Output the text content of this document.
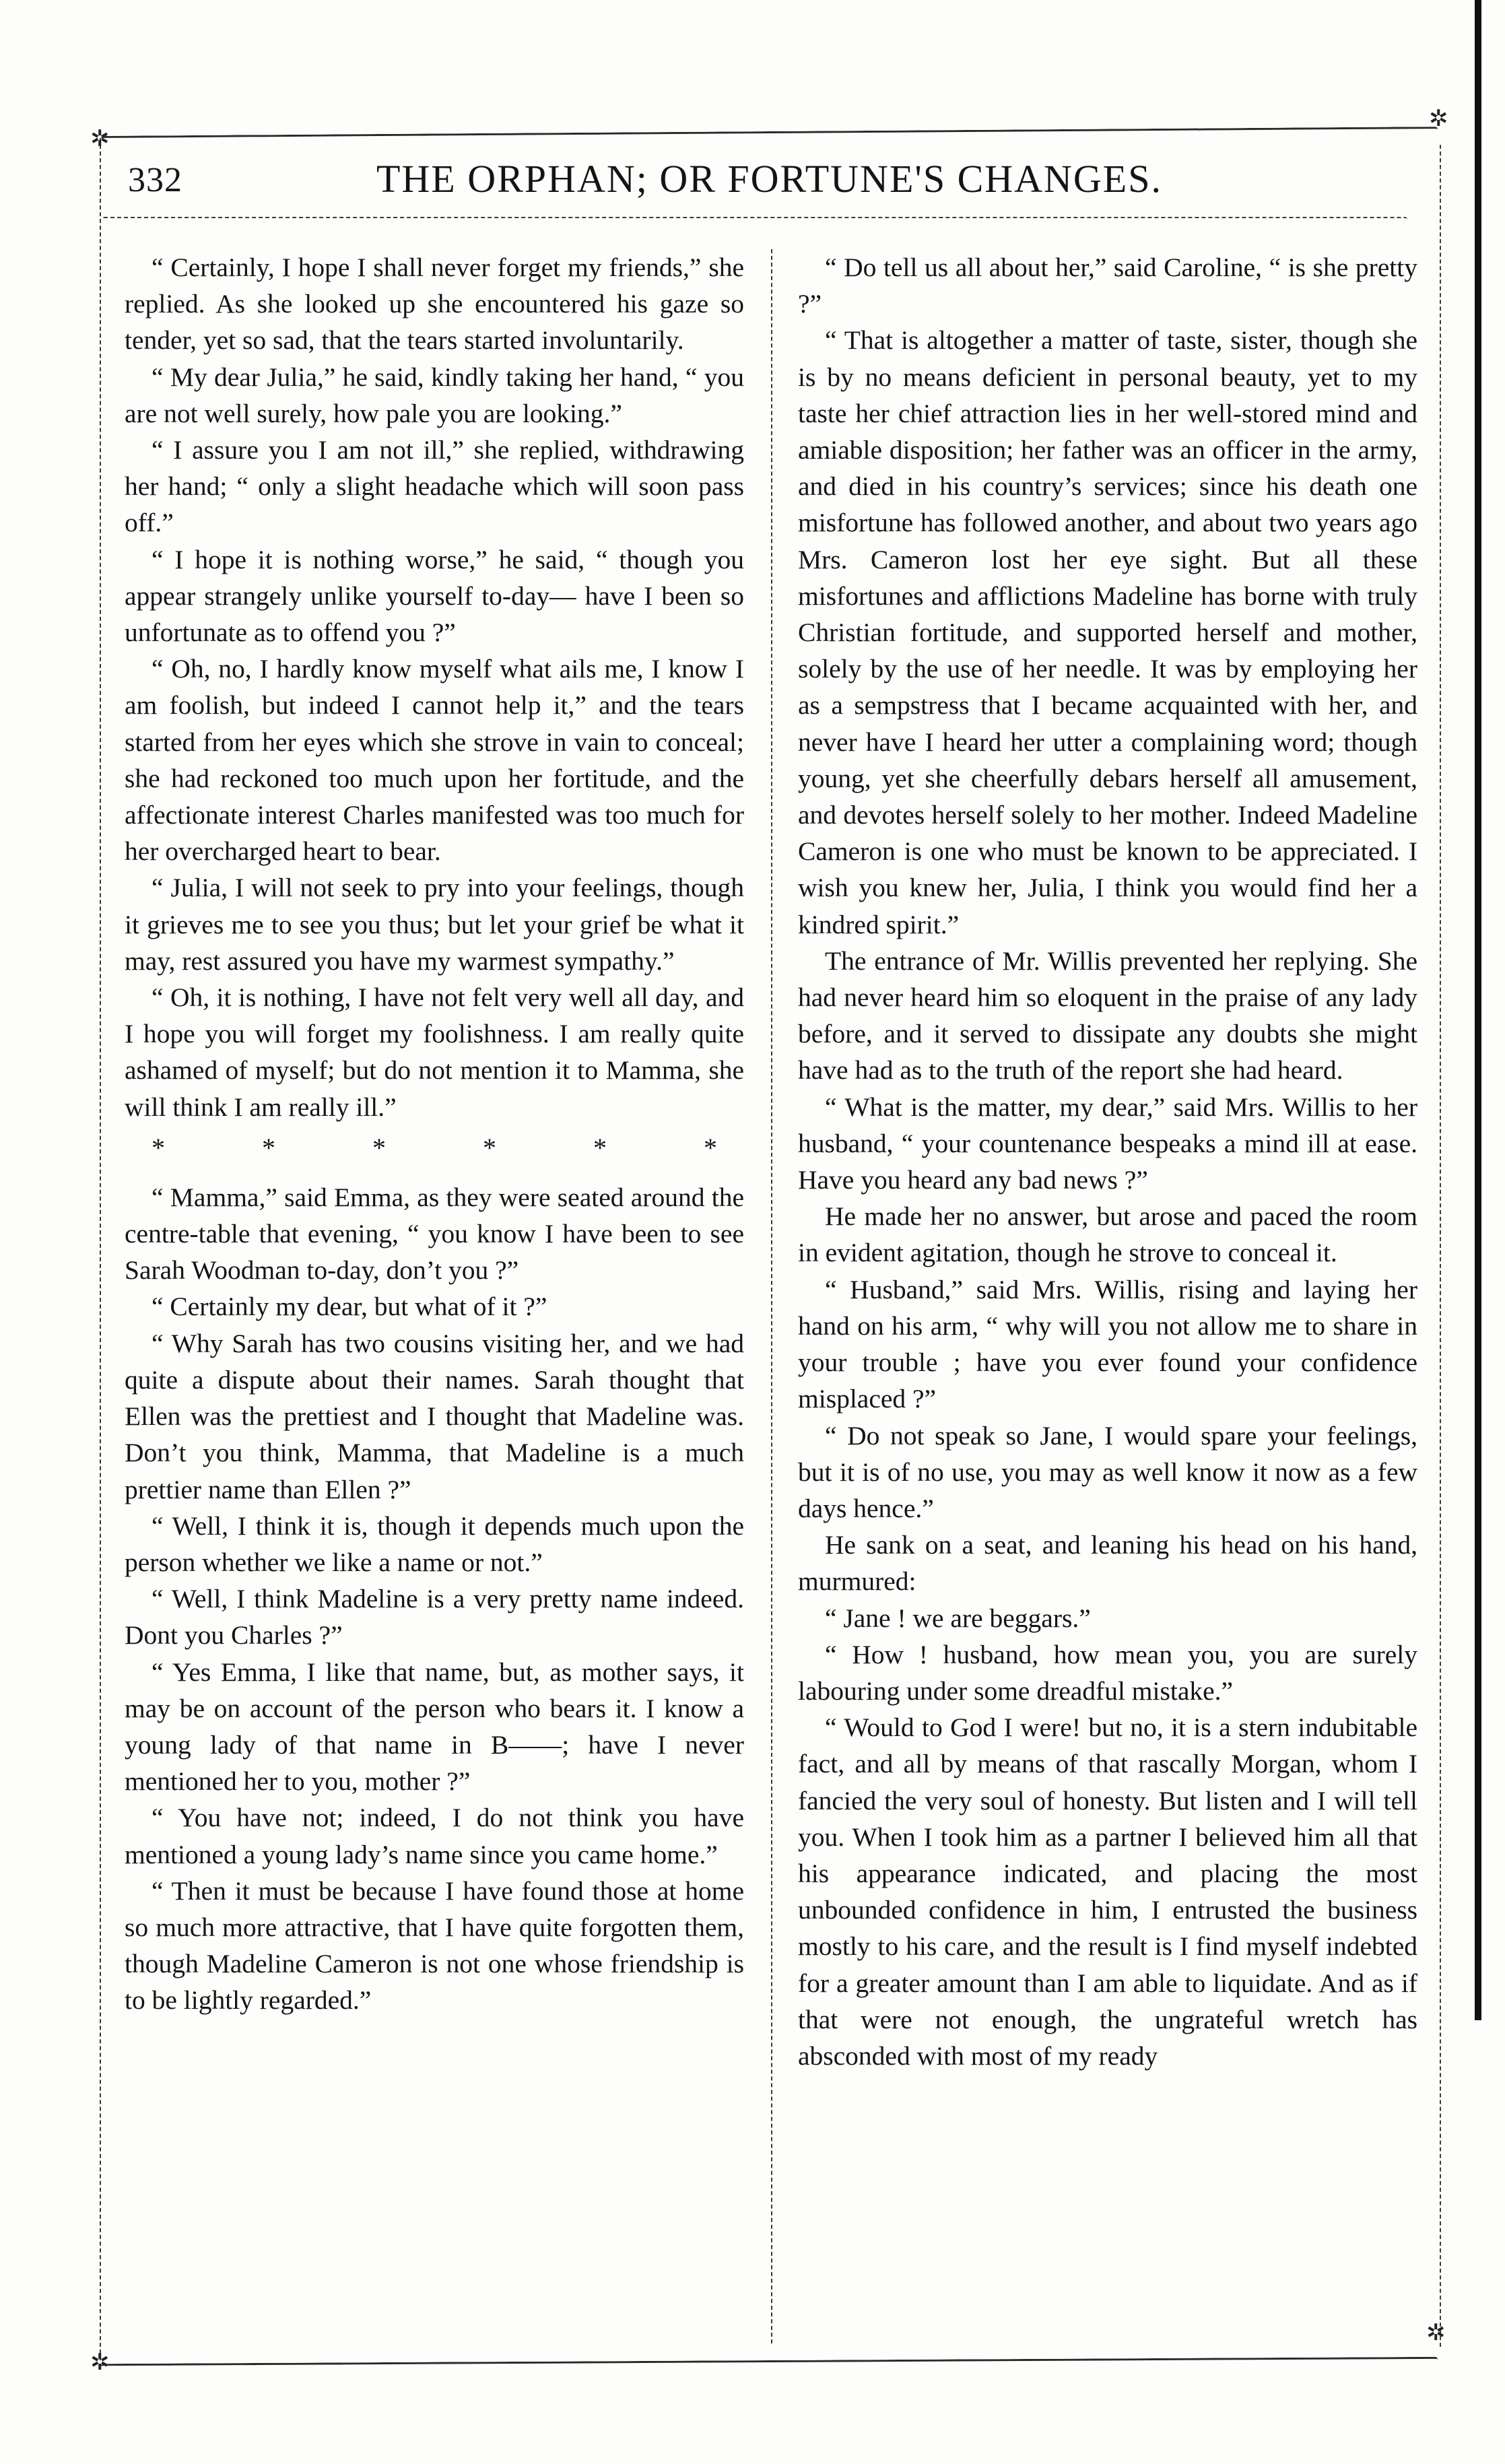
✲
✲
✲
✲
332	THE ORPHAN; OR FORTUNE'S CHANGES.

“ Certainly, I hope I shall never forget my friends,” she replied. As she looked up she encountered his gaze so tender, yet so sad, that the tears started involuntarily.

“ My dear Julia,” he said, kindly taking her hand, “ you are not well surely, how pale you are looking.”

“ I assure you I am not ill,” she replied, withdrawing her hand; “ only a slight headache which will soon pass off.”

“ I hope it is nothing worse,” he said, “ though you appear strangely unlike yourself to-day— have I been so unfortunate as to offend you ?”

“ Oh, no, I hardly know myself what ails me, I know I am foolish, but indeed I cannot help it,” and the tears started from her eyes which she strove in vain to conceal; she had reckoned too much upon her fortitude, and the affectionate interest Charles manifested was too much for her overcharged heart to bear.

“ Julia, I will not seek to pry into your feelings, though it grieves me to see you thus; but let your grief be what it may, rest assured you have my warmest sympathy.”

“ Oh, it is nothing, I have not felt very well all day, and I hope you will forget my foolishness. I am really quite ashamed of myself; but do not mention it to Mamma, she will think I am really ill.”

*	*	*	*	*	*

“ Mamma,” said Emma, as they were seated around the centre-table that evening, “ you know I have been to see Sarah Woodman to-day, don’t you ?”

“ Certainly my dear, but what of it ?”

“ Why Sarah has two cousins visiting her, and we had quite a dispute about their names. Sarah thought that Ellen was the prettiest and I thought that Madeline was. Don’t you think, Mamma, that Madeline is a much prettier name than Ellen ?”

“ Well, I think it is, though it depends much upon the person whether we like a name or not.”

“ Well, I think Madeline is a very pretty name indeed. Dont you Charles ?”

“ Yes Emma, I like that name, but, as mother says, it may be on account of the person who bears it. I know a young lady of that name in B——; have I never mentioned her to you, mother ?”

“ You have not; indeed, I do not think you have mentioned a young lady’s name since you came home.”

“ Then it must be because I have found those at home so much more attractive, that I have quite forgotten them, though Madeline Cameron is not one whose friendship is to be lightly regarded.”

“ Do tell us all about her,” said Caroline, “ is she pretty ?”

“ That is altogether a matter of taste, sister, though she is by no means deficient in personal beauty, yet to my taste her chief attraction lies in her well-stored mind and amiable disposition; her father was an officer in the army, and died in his country’s services; since his death one misfortune has followed another, and about two years ago Mrs. Cameron lost her eye sight. But all these misfortunes and afflictions Madeline has borne with truly Christian fortitude, and supported herself and mother, solely by the use of her needle. It was by employing her as a sempstress that I became acquainted with her, and never have I heard her utter a complaining word; though young, yet she cheerfully debars herself all amusement, and devotes herself solely to her mother. Indeed Madeline Cameron is one who must be known to be appreciated. I wish you knew her, Julia, I think you would find her a kindred spirit.”

The entrance of Mr. Willis prevented her replying. She had never heard him so eloquent in the praise of any lady before, and it served to dissipate any doubts she might have had as to the truth of the report she had heard.

“ What is the matter, my dear,” said Mrs. Willis to her husband, “ your countenance bespeaks a mind ill at ease. Have you heard any bad news ?”

He made her no answer, but arose and paced the room in evident agitation, though he strove to conceal it.

“ Husband,” said Mrs. Willis, rising and laying her hand on his arm, “ why will you not allow me to share in your trouble ; have you ever found your confidence misplaced ?”

“ Do not speak so Jane, I would spare your feelings, but it is of no use, you may as well know it now as a few days hence.”

He sank on a seat, and leaning his head on his hand, murmured:

“ Jane ! we are beggars.”

“ How ! husband, how mean you, you are surely labouring under some dreadful mistake.”

“ Would to God I were! but no, it is a stern indubitable fact, and all by means of that rascally Morgan, whom I fancied the very soul of honesty. But listen and I will tell you. When I took him as a partner I believed him all that his appearance indicated, and placing the most unbounded confidence in him, I entrusted the business mostly to his care, and the result is I find myself indebted for a greater amount than I am able to liquidate. And as if that were not enough, the ungrateful wretch has absconded with most of my ready
